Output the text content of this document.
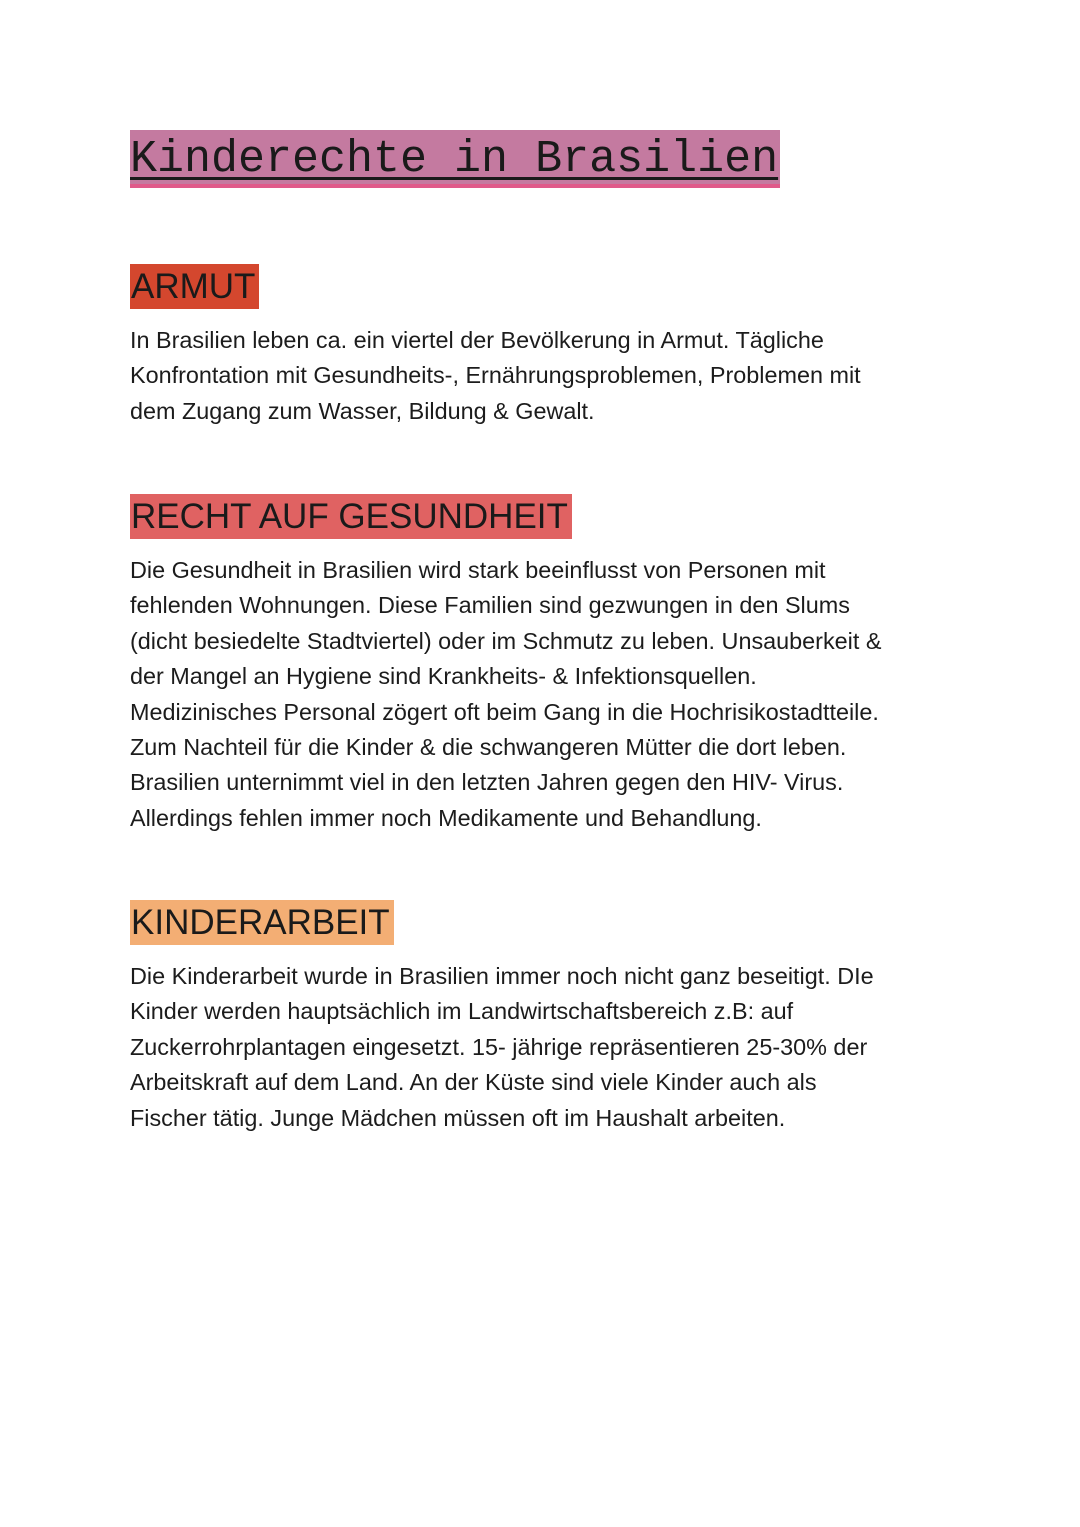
Kinderechte in Brasilien
ARMUT
In Brasilien leben ca. ein viertel der Bevölkerung in Armut. Tägliche
Konfrontation mit Gesundheits-, Ernährungsproblemen, Problemen mit
dem Zugang zum Wasser, Bildung & Gewalt.
RECHT AUF GESUNDHEIT
Die Gesundheit in Brasilien wird stark beeinflusst von Personen mit
fehlenden Wohnungen. Diese Familien sind gezwungen in den Slums
(dicht besiedelte Stadtviertel) oder im Schmutz zu leben. Unsauberkeit &
der Mangel an Hygiene sind Krankheits- & Infektionsquellen.
Medizinisches Personal zögert oft beim Gang in die Hochrisikostadtteile.
Zum Nachteil für die Kinder & die schwangeren Mütter die dort leben.
Brasilien unternimmt viel in den letzten Jahren gegen den HIV- Virus.
Allerdings fehlen immer noch Medikamente und Behandlung.
KINDERARBEIT
Die Kinderarbeit wurde in Brasilien immer noch nicht ganz beseitigt. DIe
Kinder werden hauptsächlich im Landwirtschaftsbereich z.B: auf
Zuckerrohrplantagen eingesetzt. 15- jährige repräsentieren 25-30% der
Arbeitskraft auf dem Land. An der Küste sind viele Kinder auch als
Fischer tätig. Junge Mädchen müssen oft im Haushalt arbeiten.
